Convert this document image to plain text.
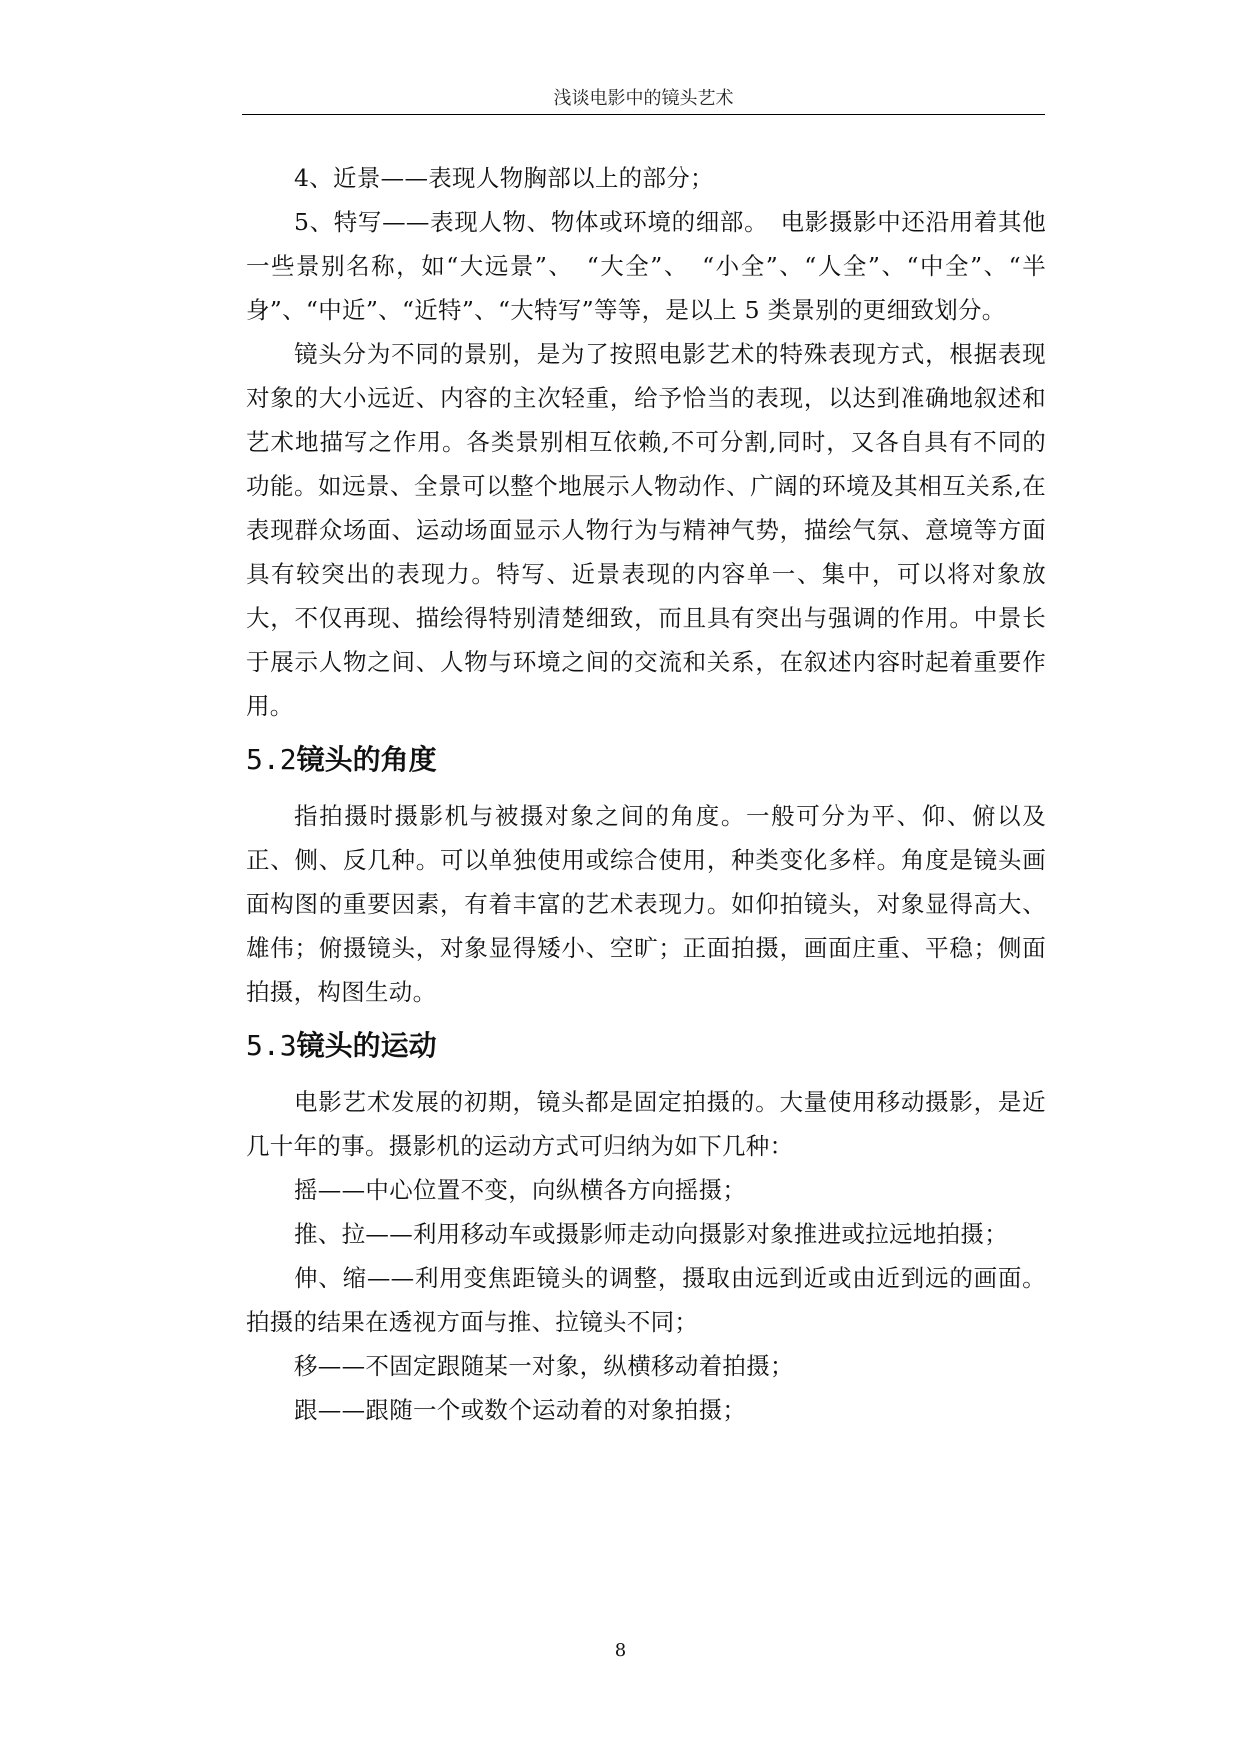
浅谈电影中的镜头艺术

4、近景——表现人物胸部以上的部分；

5、特写——表现人物、物体或环境的细部。　电影摄影中还沿用着其他一些景别名称，如“大远景”、　“大全”、　“小全”、“人全”、“中全”、“半身”、“中近”、“近特”、“大特写”等等，是以上 5 类景别的更细致划分。

镜头分为不同的景别，是为了按照电影艺术的特殊表现方式，根据表现对象的大小远近、内容的主次轻重，给予恰当的表现，以达到准确地叙述和艺术地描写之作用。各类景别相互依赖,不可分割,同时，又各自具有不同的功能。如远景、全景可以整个地展示人物动作、广阔的环境及其相互关系,在表现群众场面、运动场面显示人物行为与精神气势，描绘气氛、意境等方面具有较突出的表现力。特写、近景表现的内容单一、集中，可以将对象放大，不仅再现、描绘得特别清楚细致，而且具有突出与强调的作用。中景长于展示人物之间、人物与环境之间的交流和关系，在叙述内容时起着重要作用。

5.2镜头的角度

指拍摄时摄影机与被摄对象之间的角度。一般可分为平、仰、俯以及正、侧、反几种。可以单独使用或综合使用，种类变化多样。角度是镜头画面构图的重要因素，有着丰富的艺术表现力。如仰拍镜头，对象显得高大、雄伟；俯摄镜头，对象显得矮小、空旷；正面拍摄，画面庄重、平稳；侧面拍摄，构图生动。

5.3镜头的运动

电影艺术发展的初期，镜头都是固定拍摄的。大量使用移动摄影，是近几十年的事。摄影机的运动方式可归纳为如下几种：

摇——中心位置不变，向纵横各方向摇摄；

推、拉——利用移动车或摄影师走动向摄影对象推进或拉远地拍摄；

伸、缩——利用变焦距镜头的调整，摄取由远到近或由近到远的画面。拍摄的结果在透视方面与推、拉镜头不同；

移——不固定跟随某一对象，纵横移动着拍摄；

跟——跟随一个或数个运动着的对象拍摄；

8
